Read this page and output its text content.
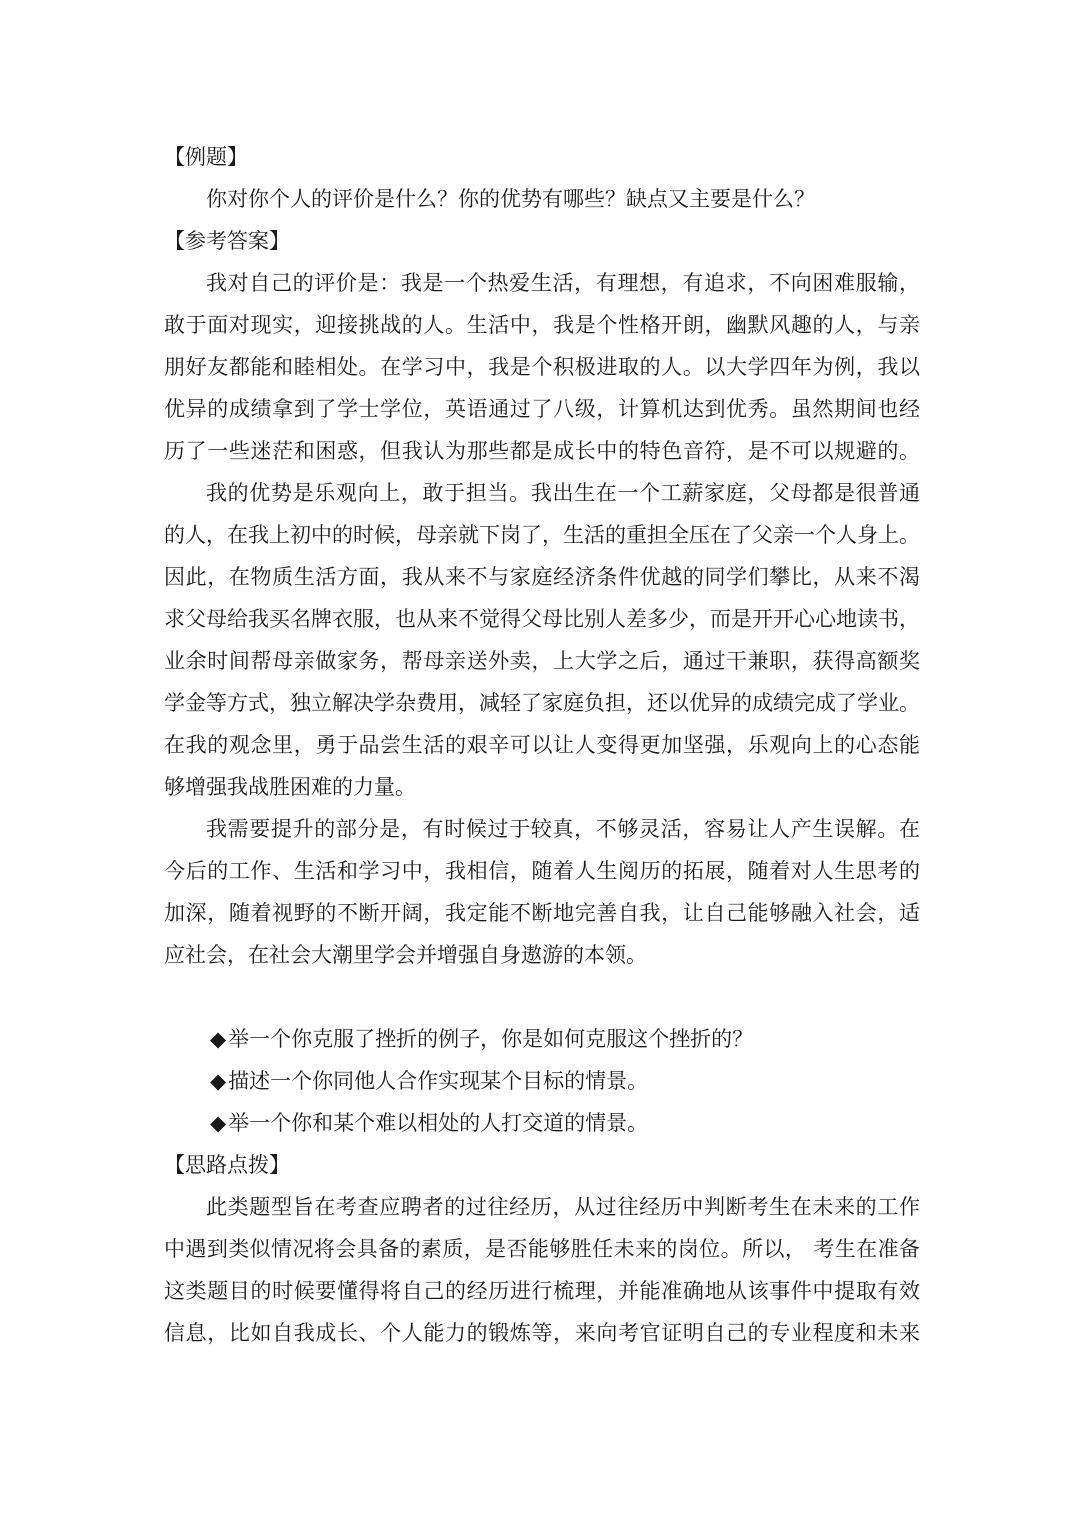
【例题】
你对你个人的评价是什么？你的优势有哪些？缺点又主要是什么？
【参考答案】
我对自己的评价是：我是一个热爱生活，有理想，有追求，不向困难服输，
敢于面对现实，迎接挑战的人。生活中，我是个性格开朗，幽默风趣的人，与亲
朋好友都能和睦相处。在学习中，我是个积极进取的人。以大学四年为例，我以
优异的成绩拿到了学士学位，英语通过了八级，计算机达到优秀。虽然期间也经
历了一些迷茫和困惑，但我认为那些都是成长中的特色音符，是不可以规避的。
我的优势是乐观向上，敢于担当。我出生在一个工薪家庭，父母都是很普通
的人，在我上初中的时候，母亲就下岗了，生活的重担全压在了父亲一个人身上。
因此，在物质生活方面，我从来不与家庭经济条件优越的同学们攀比，从来不渴
求父母给我买名牌衣服，也从来不觉得父母比别人差多少，而是开开心心地读书，
业余时间帮母亲做家务，帮母亲送外卖，上大学之后，通过干兼职，获得高额奖
学金等方式，独立解决学杂费用，减轻了家庭负担，还以优异的成绩完成了学业。
在我的观念里，勇于品尝生活的艰辛可以让人变得更加坚强，乐观向上的心态能
够增强我战胜困难的力量。
我需要提升的部分是，有时候过于较真，不够灵活，容易让人产生误解。在
今后的工作、生活和学习中，我相信，随着人生阅历的拓展，随着对人生思考的
加深，随着视野的不断开阔，我定能不断地完善自我，让自己能够融入社会，适
应社会，在社会大潮里学会并增强自身遨游的本领。
◆举一个你克服了挫折的例子，你是如何克服这个挫折的？
◆描述一个你同他人合作实现某个目标的情景。
◆举一个你和某个难以相处的人打交道的情景。
【思路点拨】
此类题型旨在考查应聘者的过往经历，从过往经历中判断考生在未来的工作
中遇到类似情况将会具备的素质，是否能够胜任未来的岗位。所以， 考生在准备
这类题目的时候要懂得将自己的经历进行梳理，并能准确地从该事件中提取有效
信息，比如自我成长、个人能力的锻炼等，来向考官证明自己的专业程度和未来
